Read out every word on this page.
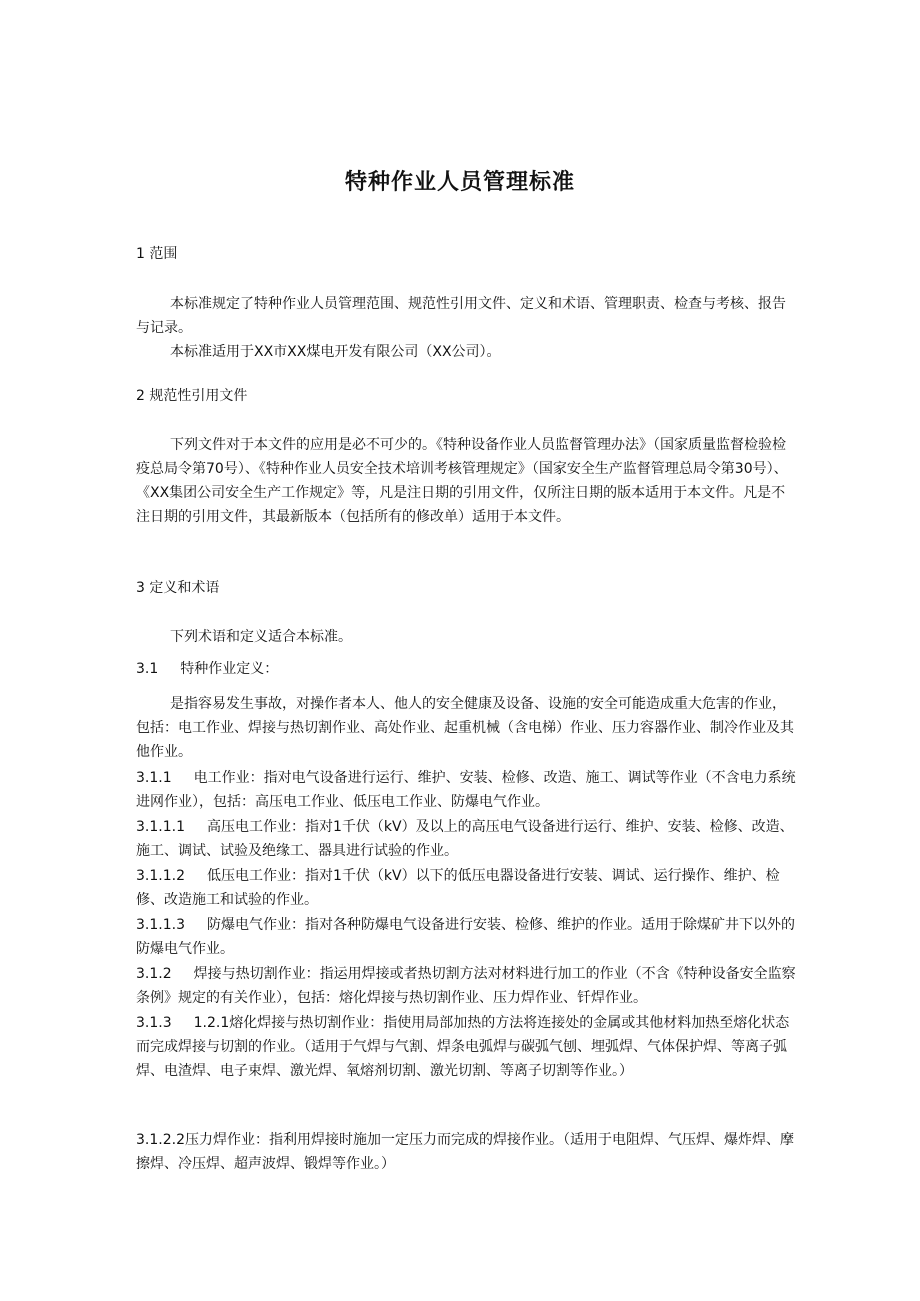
特种作业人员管理标准

1 范围

本标准规定了特种作业人员管理范围、规范性引用文件、定义和术语、管理职责、检查与考核、报告与记录。

本标准适用于XX市XX煤电开发有限公司（XX公司）。

2 规范性引用文件

下列文件对于本文件的应用是必不可少的。《特种设备作业人员监督管理办法》（国家质量监督检验检疫总局令第70号）、《特种作业人员安全技术培训考核管理规定》（国家安全生产监督管理总局令第30号）、《XX集团公司安全生产工作规定》等，凡是注日期的引用文件，仅所注日期的版本适用于本文件。凡是不注日期的引用文件，其最新版本（包括所有的修改单）适用于本文件。

3 定义和术语

下列术语和定义适合本标准。

3.1 特种作业定义：

是指容易发生事故，对操作者本人、他人的安全健康及设备、设施的安全可能造成重大危害的作业，包括：电工作业、焊接与热切割作业、高处作业、起重机械（含电梯）作业、压力容器作业、制冷作业及其他作业。

3.1.1 电工作业：指对电气设备进行运行、维护、安装、检修、改造、施工、调试等作业（不含电力系统进网作业），包括：高压电工作业、低压电工作业、防爆电气作业。

3.1.1.1 高压电工作业：指对1千伏（kV）及以上的高压电气设备进行运行、维护、安装、检修、改造、施工、调试、试验及绝缘工、器具进行试验的作业。

3.1.1.2 低压电工作业：指对1千伏（kV）以下的低压电器设备进行安装、调试、运行操作、维护、检修、改造施工和试验的作业。

3.1.1.3 防爆电气作业：指对各种防爆电气设备进行安装、检修、维护的作业。适用于除煤矿井下以外的防爆电气作业。

3.1.2 焊接与热切割作业：指运用焊接或者热切割方法对材料进行加工的作业（不含《特种设备安全监察条例》规定的有关作业），包括：熔化焊接与热切割作业、压力焊作业、钎焊作业。

3.1.3 1.2.1熔化焊接与热切割作业：指使用局部加热的方法将连接处的金属或其他材料加热至熔化状态而完成焊接与切割的作业。（适用于气焊与气割、焊条电弧焊与碳弧气刨、埋弧焊、气体保护焊、等离子弧焊、电渣焊、电子束焊、激光焊、氧熔剂切割、激光切割、等离子切割等作业。）

3.1.2.2压力焊作业：指利用焊接时施加一定压力而完成的焊接作业。（适用于电阻焊、气压焊、爆炸焊、摩擦焊、冷压焊、超声波焊、锻焊等作业。）
